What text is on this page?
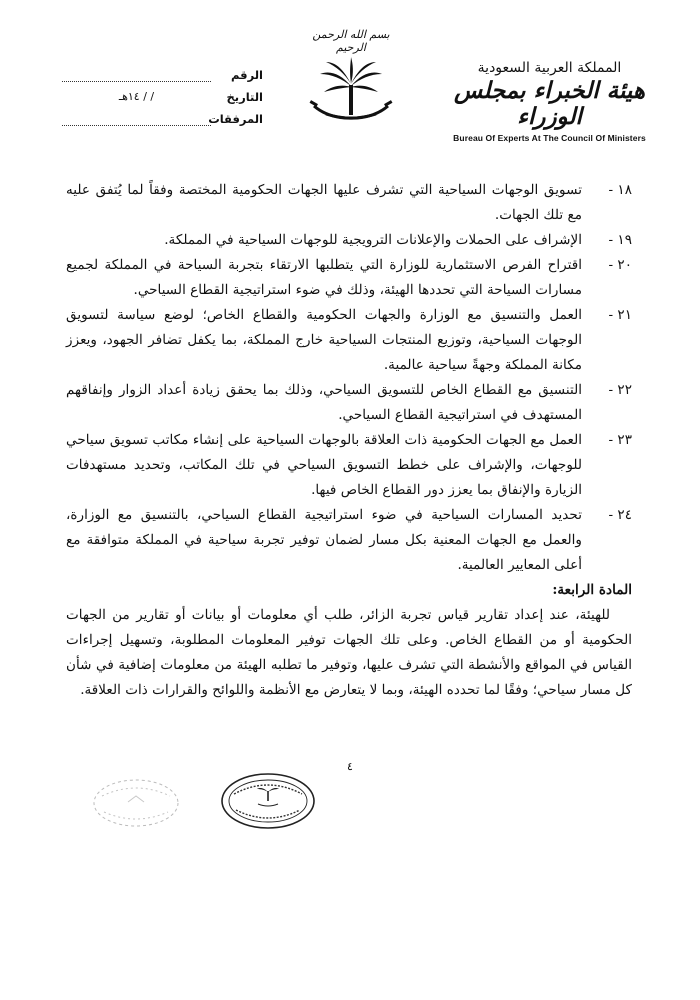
المملكة العربية السعودية
هيئة الخبراء بمجلس الوزراء
Bureau Of Experts At The Council Of Ministers
بسم الله الرحمن الرحيم
الرقم
التاريخ
/ / ١٤هـ
المرفقات

١٨ -
تسويق الوجهات السياحية التي تشرف عليها الجهات الحكومية المختصة وفقاً لما يُتفق عليه مع تلك الجهات.

١٩ -
الإشراف على الحملات والإعلانات الترويجية للوجهات السياحية في المملكة.

٢٠ -
اقتراح الفرص الاستثمارية للوزارة التي يتطلبها الارتقاء بتجربة السياحة في المملكة لجميع مسارات السياحة التي تحددها الهيئة، وذلك في ضوء استراتيجية القطاع السياحي.

٢١ -
العمل والتنسيق مع الوزارة والجهات الحكومية والقطاع الخاص؛ لوضع سياسة لتسويق الوجهات السياحية، وتوزيع المنتجات السياحية خارج المملكة، بما يكفل تضافر الجهود، ويعزز مكانة المملكة وجهةً سياحية عالمية.

٢٢ -
التنسيق مع القطاع الخاص للتسويق السياحي، وذلك بما يحقق زيادة أعداد الزوار وإنفاقهم المستهدف في استراتيجية القطاع السياحي.

٢٣ -
العمل مع الجهات الحكومية ذات العلاقة بالوجهات السياحية على إنشاء مكاتب تسويق سياحي للوجهات، والإشراف على خطط التسويق السياحي في تلك المكاتب، وتحديد مستهدفات الزيارة والإنفاق بما يعزز دور القطاع الخاص فيها.

٢٤ -
تحديد المسارات السياحية في ضوء استراتيجية القطاع السياحي، بالتنسيق مع الوزارة، والعمل مع الجهات المعنية بكل مسار لضمان توفير تجربة سياحية في المملكة متوافقة مع أعلى المعايير العالمية.

المادة الرابعة:

للهيئة، عند إعداد تقارير قياس تجربة الزائر، طلب أي معلومات أو بيانات أو تقارير من الجهات الحكومية أو من القطاع الخاص. وعلى تلك الجهات توفير المعلومات المطلوبة، وتسهيل إجراءات القياس في المواقع والأنشطة التي تشرف عليها، وتوفير ما تطلبه الهيئة من معلومات إضافية في شأن كل مسار سياحي؛ وفقًا لما تحدده الهيئة، وبما لا يتعارض مع الأنظمة واللوائح والقرارات ذات العلاقة.

٤
